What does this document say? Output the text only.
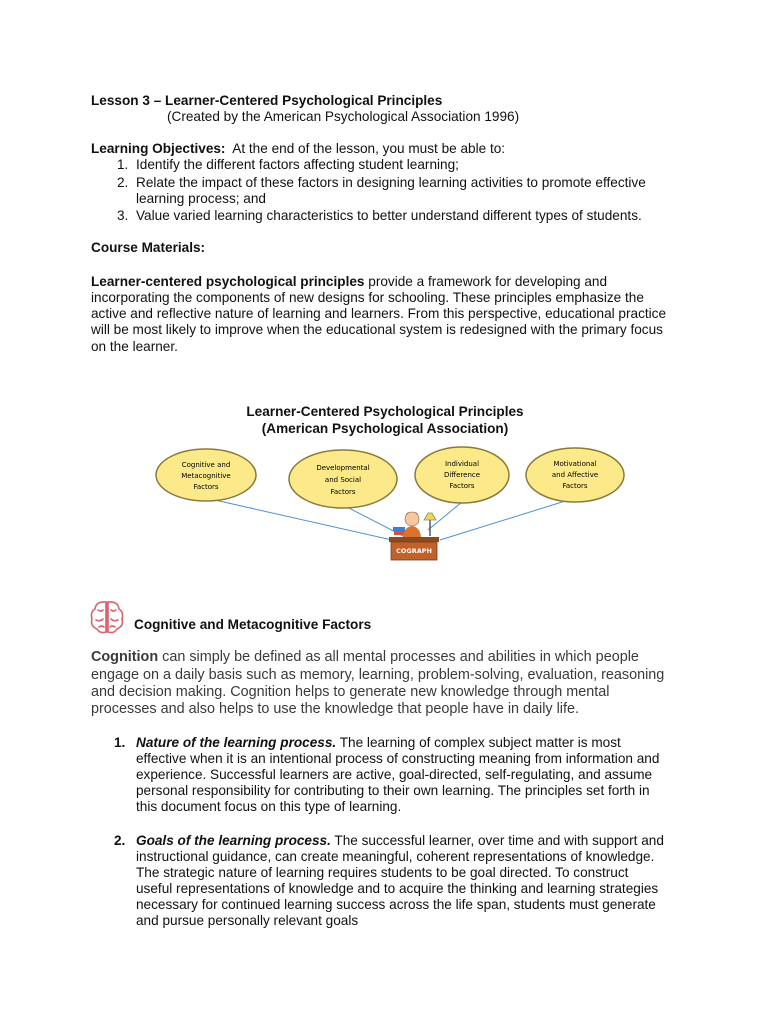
Lesson 3 – Learner-Centered Psychological Principles
(Created by the American Psychological Association 1996)
Learning Objectives: At the end of the lesson, you must be able to:
1. Identify the different factors affecting student learning;
2. Relate the impact of these factors in designing learning activities to promote effective
learning process; and
3. Value varied learning characteristics to better understand different types of students.
Course Materials:
Learner-centered psychological principles provide a framework for developing and
incorporating the components of new designs for schooling. These principles emphasize the
active and reflective nature of learning and learners. From this perspective, educational practice
will be most likely to improve when the educational system is redesigned with the primary focus
on the learner.
Learner-Centered Psychological Principles
(American Psychological Association)
Cognitive and
Metacognitive
Factors
Developmental
and Social
Factors
Individual
Difference
Factors
Motivational
and Affective
Factors
COGRAPH
Cognitive and Metacognitive Factors
Cognition can simply be defined as all mental processes and abilities in which people
engage on a daily basis such as memory, learning, problem-solving, evaluation, reasoning
and decision making. Cognition helps to generate new knowledge through mental
processes and also helps to use the knowledge that people have in daily life.
1. Nature of the learning process. The learning of complex subject matter is most
effective when it is an intentional process of constructing meaning from information and
experience. Successful learners are active, goal-directed, self-regulating, and assume
personal responsibility for contributing to their own learning. The principles set forth in
this document focus on this type of learning.
2. Goals of the learning process. The successful learner, over time and with support and
instructional guidance, can create meaningful, coherent representations of knowledge.
The strategic nature of learning requires students to be goal directed. To construct
useful representations of knowledge and to acquire the thinking and learning strategies
necessary for continued learning success across the life span, students must generate
and pursue personally relevant goals
